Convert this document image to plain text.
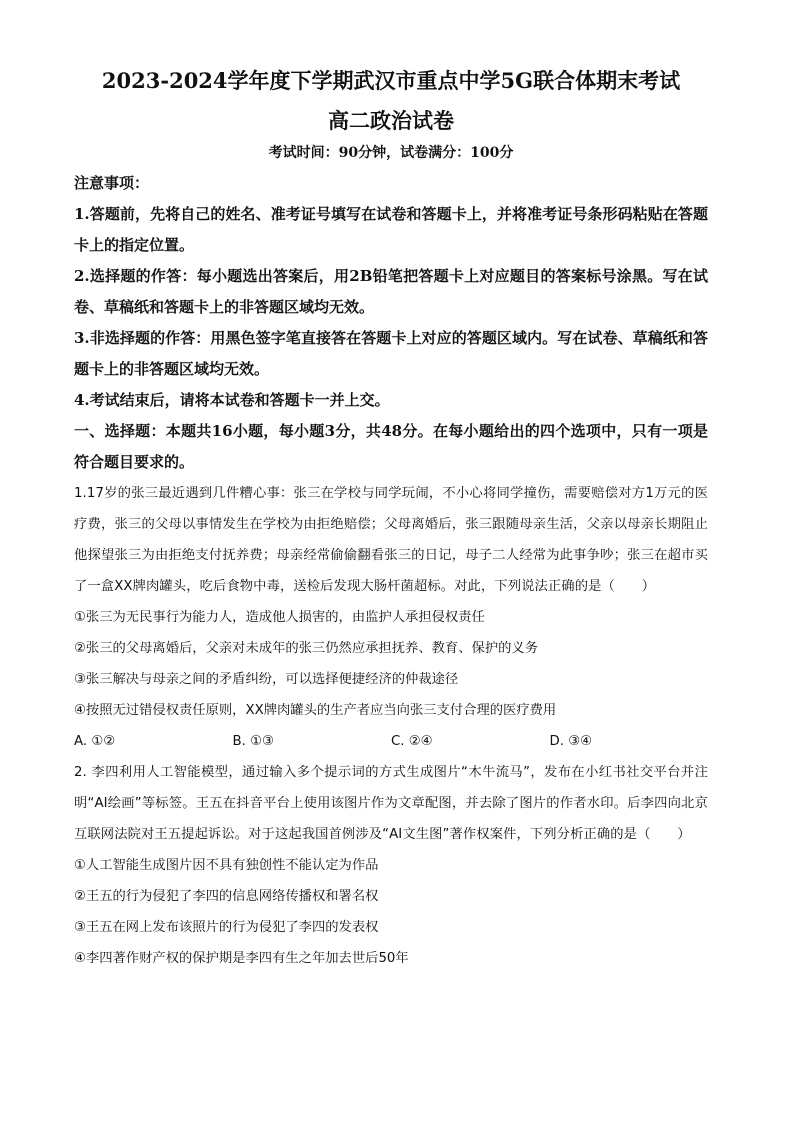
2023-2024学年度下学期武汉市重点中学5G联合体期末考试
高二政治试卷

考试时间：90分钟，试卷满分：100分

注意事项：

1.答题前，先将自己的姓名、准考证号填写在试卷和答题卡上，并将准考证号条形码粘贴在答题卡上的指定位置。

2.选择题的作答：每小题选出答案后，用2B铅笔把答题卡上对应题目的答案标号涂黑。写在试卷、草稿纸和答题卡上的非答题区域均无效。

3.非选择题的作答：用黑色签字笔直接答在答题卡上对应的答题区域内。写在试卷、草稿纸和答题卡上的非答题区域均无效。

4.考试结束后，请将本试卷和答题卡一并上交。

一、选择题：本题共16小题，每小题3分，共48分。在每小题给出的四个选项中，只有一项是符合题目要求的。

1.17岁的张三最近遇到几件糟心事：张三在学校与同学玩闹，不小心将同学撞伤，需要赔偿对方1万元的医疗费，张三的父母以事情发生在学校为由拒绝赔偿；父母离婚后，张三跟随母亲生活，父亲以母亲长期阻止他探望张三为由拒绝支付抚养费；母亲经常偷偷翻看张三的日记，母子二人经常为此事争吵；张三在超市买了一盒XX牌肉罐头，吃后食物中毒，送检后发现大肠杆菌超标。对此，下列说法正确的是（　　）

①张三为无民事行为能力人，造成他人损害的，由监护人承担侵权责任

②张三的父母离婚后，父亲对未成年的张三仍然应承担抚养、教育、保护的义务

③张三解决与母亲之间的矛盾纠纷，可以选择便捷经济的仲裁途径

④按照无过错侵权责任原则，XX牌肉罐头的生产者应当向张三支付合理的医疗费用

A. ①②	B. ①③	C. ②④	D. ③④

2. 李四利用人工智能模型，通过输入多个提示词的方式生成图片“木牛流马”，发布在小红书社交平台并注明“AI绘画”等标签。王五在抖音平台上使用该图片作为文章配图，并去除了图片的作者水印。后李四向北京互联网法院对王五提起诉讼。对于这起我国首例涉及“AI文生图”著作权案件，下列分析正确的是（　　）

①人工智能生成图片因不具有独创性不能认定为作品

②王五的行为侵犯了李四的信息网络传播权和署名权

③王五在网上发布该照片的行为侵犯了李四的发表权

④李四著作财产权的保护期是李四有生之年加去世后50年
